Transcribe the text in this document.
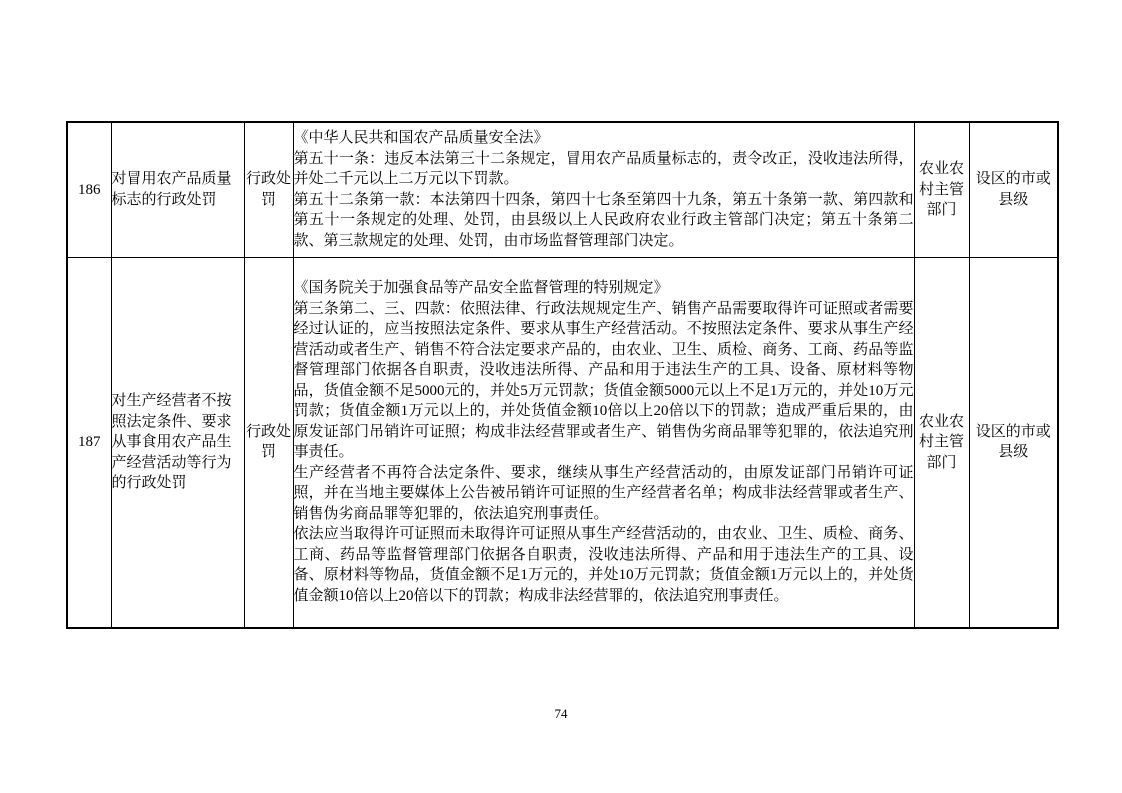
186	对冒用农产品质量标志的行政处罚	行政处罚	《中华人民共和国农产品质量安全法》

第五十一条：违反本法第三十二条规定，冒用农产品质量标志的，责令改正，没收违法所得，并处二千元以上二万元以下罚款。

第五十二条第一款：本法第四十四条，第四十七条至第四十九条，第五十条第一款、第四款和第五十一条规定的处理、处罚，由县级以上人民政府农业行政主管部门决定；第五十条第二款、第三款规定的处理、处罚，由市场监督管理部门决定。	农业农村主管部门	设区的市或县级
187	对生产经营者不按照法定条件、要求从事食用农产品生产经营活动等行为的行政处罚	行政处罚	《国务院关于加强食品等产品安全监督管理的特别规定》

第三条第二、三、四款：依照法律、行政法规规定生产、销售产品需要取得许可证照或者需要经过认证的，应当按照法定条件、要求从事生产经营活动。不按照法定条件、要求从事生产经营活动或者生产、销售不符合法定要求产品的，由农业、卫生、质检、商务、工商、药品等监督管理部门依据各自职责，没收违法所得、产品和用于违法生产的工具、设备、原材料等物品，货值金额不足5000元的，并处5万元罚款；货值金额5000元以上不足1万元的，并处10万元罚款；货值金额1万元以上的，并处货值金额10倍以上20倍以下的罚款；造成严重后果的，由原发证部门吊销许可证照；构成非法经营罪或者生产、销售伪劣商品罪等犯罪的，依法追究刑事责任。

生产经营者不再符合法定条件、要求，继续从事生产经营活动的，由原发证部门吊销许可证照，并在当地主要媒体上公告被吊销许可证照的生产经营者名单；构成非法经营罪或者生产、销售伪劣商品罪等犯罪的，依法追究刑事责任。

依法应当取得许可证照而未取得许可证照从事生产经营活动的，由农业、卫生、质检、商务、工商、药品等监督管理部门依据各自职责，没收违法所得、产品和用于违法生产的工具、设备、原材料等物品，货值金额不足1万元的，并处10万元罚款；货值金额1万元以上的，并处货值金额10倍以上20倍以下的罚款；构成非法经营罪的，依法追究刑事责任。	农业农村主管部门	设区的市或县级
74
